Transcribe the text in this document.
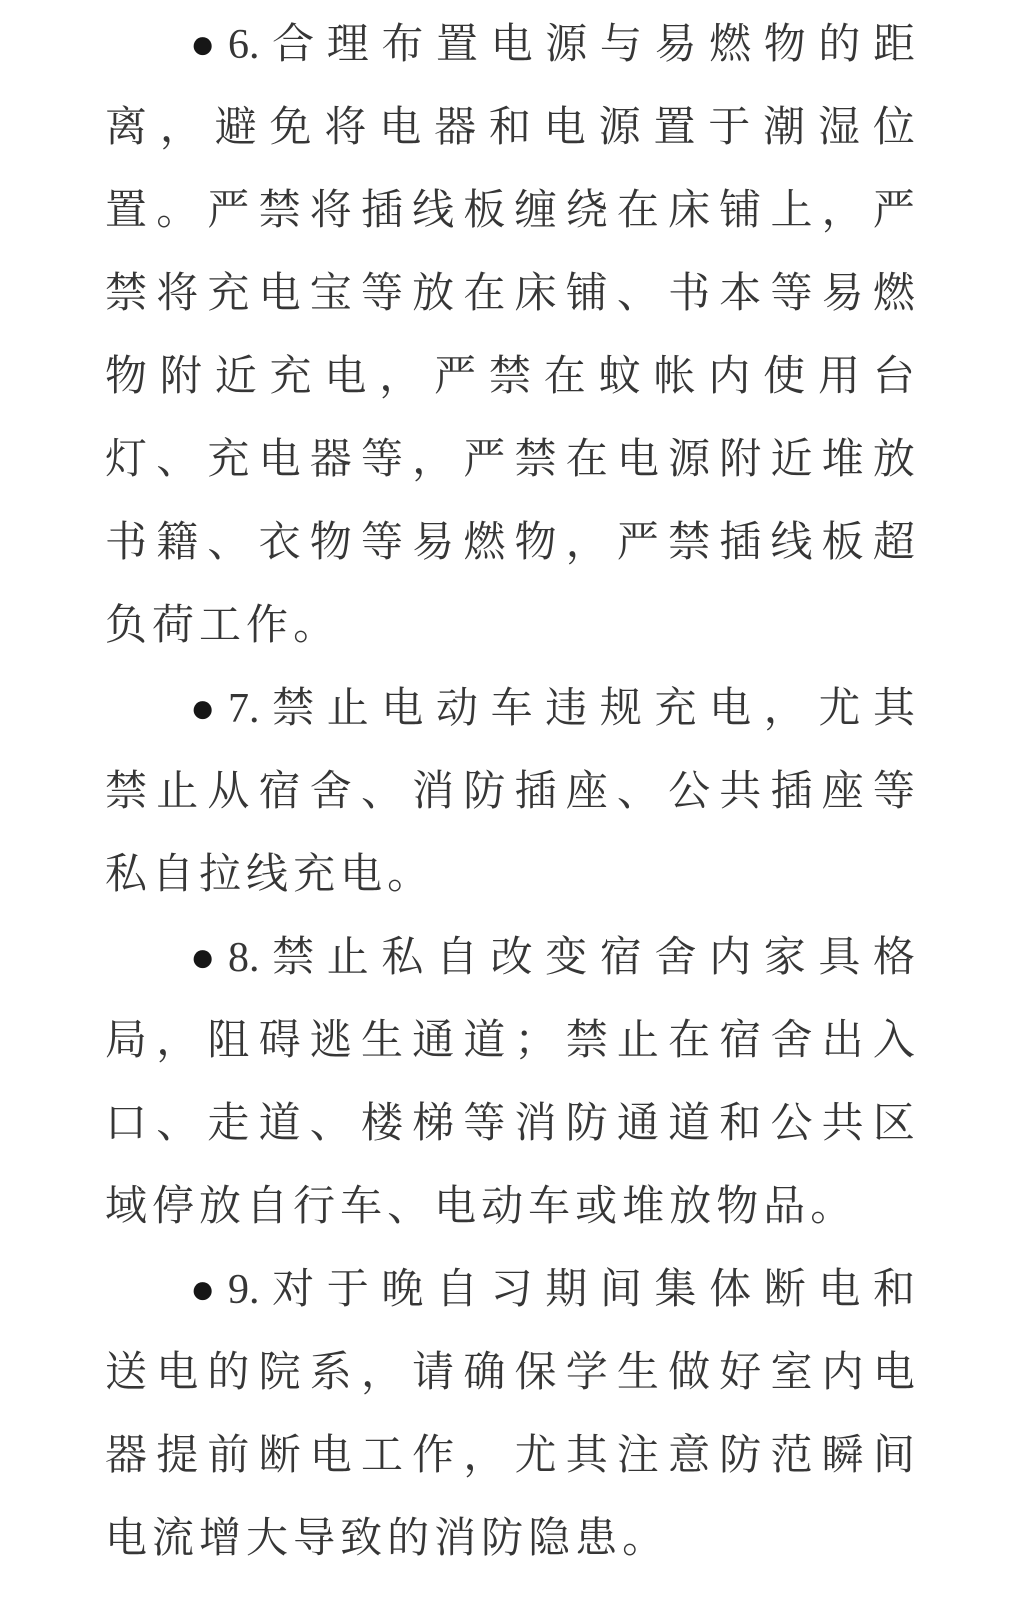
● 6. 合 理 布 置 电 源 与 易 燃 物 的 距
离 ， 避 免 将 电 器 和 电 源 置 于 潮 湿 位
置 。 严 禁 将 插 线 板 缠 绕 在 床 铺 上 ， 严
禁 将 充 电 宝 等 放 在 床 铺 、 书 本 等 易 燃
物 附 近 充 电 ， 严 禁 在 蚊 帐 内 使 用 台
灯 、 充 电 器 等 ， 严 禁 在 电 源 附 近 堆 放
书 籍 、 衣 物 等 易 燃 物 ， 严 禁 插 线 板 超
负 荷 工 作 。
● 7. 禁 止 电 动 车 违 规 充 电 ， 尤 其
禁 止 从 宿 舍 、 消 防 插 座 、 公 共 插 座 等
私 自 拉 线 充 电 。
● 8. 禁 止 私 自 改 变 宿 舍 内 家 具 格
局 ， 阻 碍 逃 生 通 道 ； 禁 止 在 宿 舍 出 入
口 、 走 道 、 楼 梯 等 消 防 通 道 和 公 共 区
域 停 放 自 行 车 、 电 动 车 或 堆 放 物 品 。
● 9. 对 于 晚 自 习 期 间 集 体 断 电 和
送 电 的 院 系 ， 请 确 保 学 生 做 好 室 内 电
器 提 前 断 电 工 作 ， 尤 其 注 意 防 范 瞬 间
电 流 增 大 导 致 的 消 防 隐 患 。
